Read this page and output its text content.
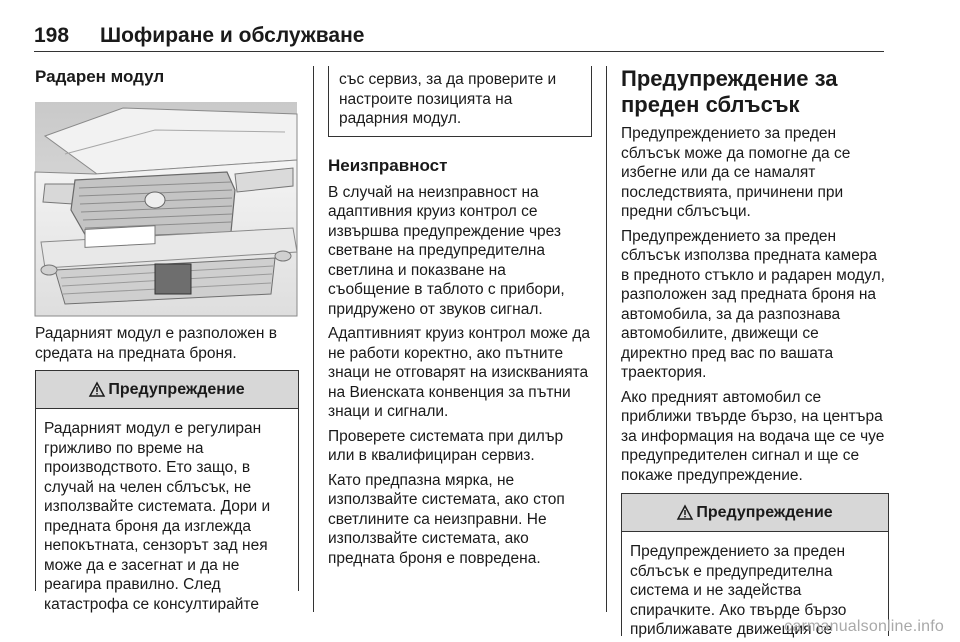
198 Шофиране и обслужване
Радарен модул

Радарният модул е разположен в средата на предната броня.

Предупреждение
Радарният модул е регулиран грижливо по време на производството. Ето защо, в случай на челен сблъсък, не използвайте системата. Дори и предната броня да изглежда непокътната, сензорът зад нея може да е засегнат и да не реагира правилно. След катастрофа се консултирайте
със сервиз, за да проверите и настроите позицията на радарния модул.
Неизправност

В случай на неизправност на адаптивния круиз контрол се извършва предупреждение чрез светване на предупредителна светлина и показване на съобщение в таблото с прибори, придружено от звуков сигнал.

Адаптивният круиз контрол може да не работи коректно, ако пътните знаци не отговарят на изискванията на Виенската конвенция за пътни знаци и сигнали.

Проверете системата при дилър или в квалифициран сервиз.

Като предпазна мярка, не използвайте системата, ако стоп светлините са неизправни. Не използвайте системата, ако предната броня е повредена.

Предупреждение за преден сблъсък

Предупреждението за преден сблъсък може да помогне да се избегне или да се намалят последствията, причинени при предни сблъсъци.

Предупреждението за преден сблъсък използва предната камера в предното стъкло и радарен модул, разположен зад предната броня на автомобила, за да разпознава автомобилите, движещи се директно пред вас по вашата траектория.

Ако предният автомобил се приближи твърде бързо, на центъра за информация на водача ще се чуе предупредителен сигнал и ще се покаже предупреждение.

Предупреждение
Предупреждението за преден сблъсък е предупредителна система и не задейства спирачките. Ако твърде бързо приближавате движещия се
carmanualsonline.info
